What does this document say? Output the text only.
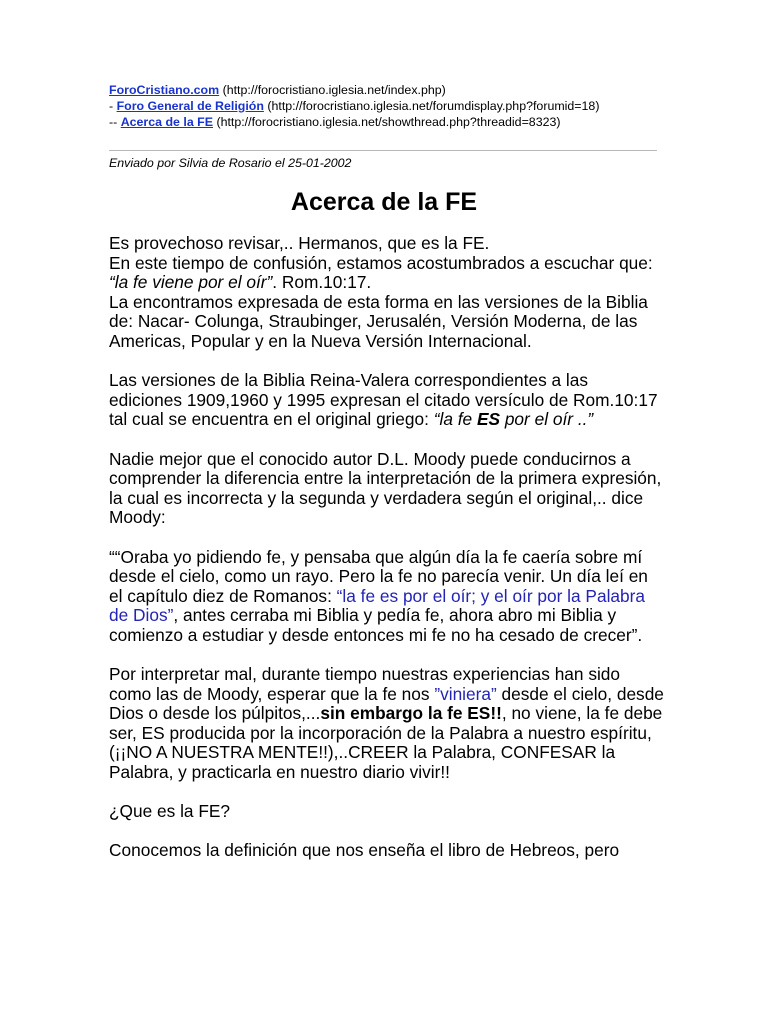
ForoCristiano.com (http://forocristiano.iglesia.net/index.php)
- Foro General de Religión (http://forocristiano.iglesia.net/forumdisplay.php?forumid=18)
-- Acerca de la FE (http://forocristiano.iglesia.net/showthread.php?threadid=8323)
Enviado por Silvia de Rosario el 25-01-2002
Acerca de la FE

Es provechoso revisar,.. Hermanos, que es la FE.

En este tiempo de confusión, estamos acostumbrados a escuchar que:

“la fe viene por el oír”. Rom.10:17.

La encontramos expresada de esta forma en las versiones de la Biblia de: Nacar- Colunga, Straubinger, Jerusalén, Versión Moderna, de las Americas, Popular y en la Nueva Versión Internacional.

Las versiones de la Biblia Reina-Valera correspondientes a las ediciones 1909,1960 y 1995 expresan el citado versículo de Rom.10:17 tal cual se encuentra en el original griego: “la fe ES por el oír ..”

Nadie mejor que el conocido autor D.L. Moody puede conducirnos a comprender la diferencia entre la interpretación de la primera expresión, la cual es incorrecta y la segunda y verdadera según el original,.. dice Moody:

““Oraba yo pidiendo fe, y pensaba que algún día la fe caería sobre mí desde el cielo, como un rayo. Pero la fe no parecía venir. Un día leí en el capítulo diez de Romanos: “la fe es por el oír; y el oír por la Palabra de Dios”, antes cerraba mi Biblia y pedía fe, ahora abro mi Biblia y comienzo a estudiar y desde entonces mi fe no ha cesado de crecer”.

Por interpretar mal, durante tiempo nuestras experiencias han sido como las de Moody, esperar que la fe nos ”viniera” desde el cielo, desde Dios o desde los púlpitos,...sin embargo la fe ES!!, no viene, la fe debe ser, ES producida por la incorporación de la Palabra a nuestro espíritu,(¡¡NO A NUESTRA MENTE!!),..CREER la Palabra, CONFESAR la Palabra, y practicarla en nuestro diario vivir!!

¿Que es la FE?

Conocemos la definición que nos enseña el libro de Hebreos, pero
